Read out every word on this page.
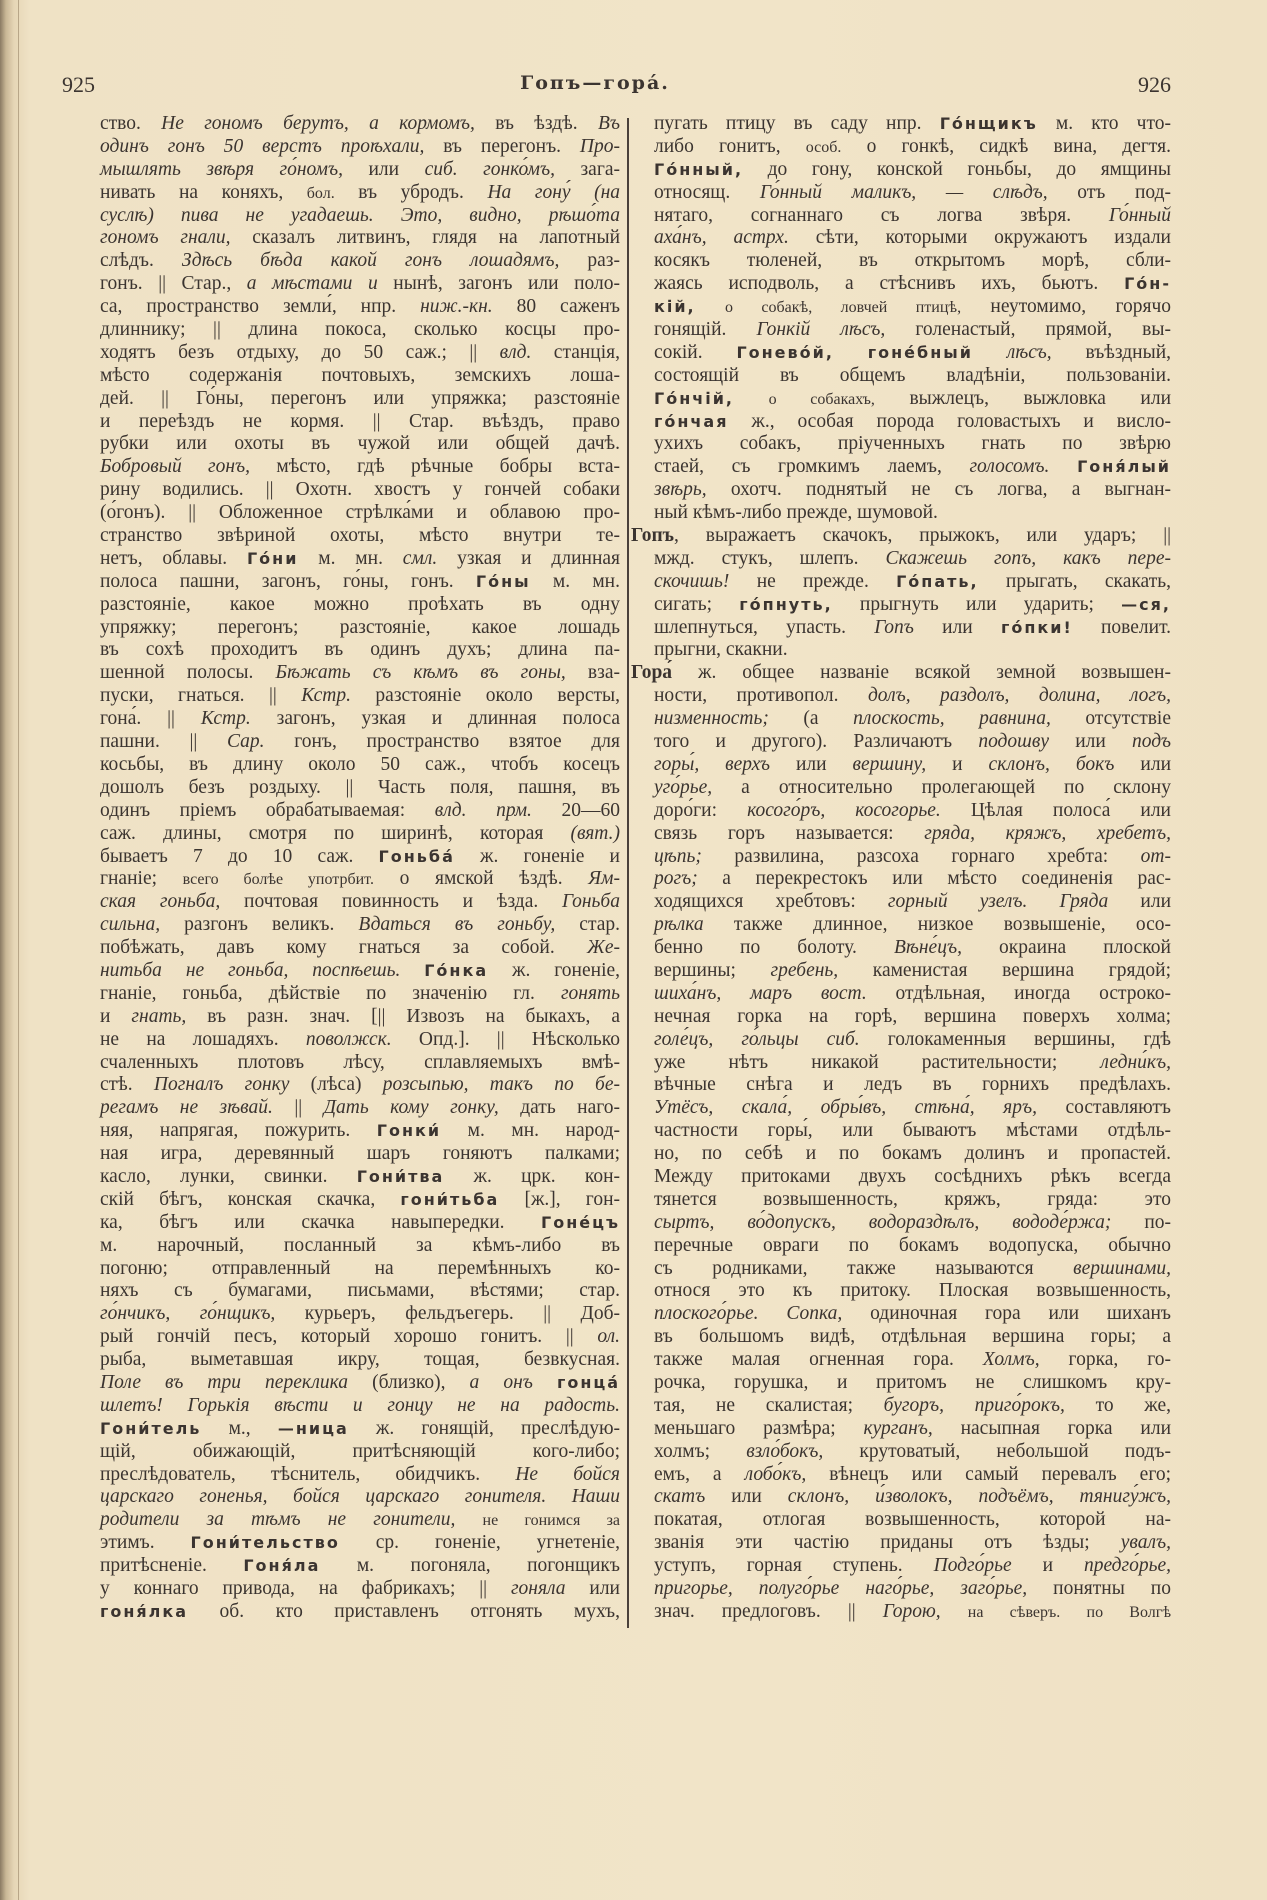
925	Гопъ—гора́.	926
ство. Не гономъ берутъ, а кормомъ, въ ѣздѣ. Въ
одинъ гонъ 50 верстъ проѣхали, въ перегонъ. Про-
мышлять звѣря го́номъ, или сиб. гонко́мъ, зага-
нивать на коняхъ, бол. въ убродъ. На гону́ (на
суслѣ) пива не угадаешь. Это, видно, рѣшо́та
гономъ гнали, сказалъ литвинъ, глядя на лапотный
слѣдъ. Здѣсь бѣда какой гонъ лошадямъ, раз-
гонъ. || Стар., а мѣстами и нынѣ, загонъ или поло-
са, пространство земли́, нпр. ниж.-кн. 80 саженъ
длиннику; || длина покоса, сколько косцы про-
ходятъ безъ отдыху, до 50 саж.; || влд. станція,
мѣсто содержанія почтовыхъ, земскихъ лоша-
дей. || Го́ны, перегонъ или упряжка; разстояніе
и переѣздъ не кормя. || Стар. въѣздъ, право
рубки или охоты въ чужой или общей дачѣ.
Бобровый гонъ, мѣсто, гдѣ рѣчные бобры вста-
рину водились. || Охотн. хвостъ у гончей собаки
(о́гонъ). || Обложенное стрѣлка́ми и облавою про-
странство звѣриной охоты, мѣсто внутри те-
нетъ, облавы. Го́ни м. мн. смл. узкая и длинная
полоса пашни, загонъ, го́ны, гонъ. Го́ны м. мн.
разстояніе, какое можно проѣхать въ одну
упряжку; перегонъ; разстояніе, какое лошадь
въ сохѣ проходитъ въ одинъ духъ; длина па-
шенной полосы. Бѣжать съ кѣмъ въ гоны, вза-
пуски, гнаться. || Кстр. разстояніе около версты,
гона́. || Кстр. загонъ, узкая и длинная полоса
пашни. || Сар. гонъ, пространство взятое для
косьбы, въ длину около 50 саж., чтобъ косецъ
дошолъ безъ роздыху. || Часть поля, пашня, въ
одинъ пріемъ обрабатываемая: влд. прм. 20—60
саж. длины, смотря по ширинѣ, которая (вят.)
бываетъ 7 до 10 саж. Гоньба́ ж. гоненіе и
гнаніе; всего болѣе употрбит. о ямской ѣздѣ. Ям-
ская гоньба, почтовая повинность и ѣзда. Гоньба
сильна, разгонъ великъ. Вдаться въ гоньбу, стар.
побѣжать, давъ кому гнаться за собой. Же-
нитьба не гоньба, поспѣешь. Го́нка ж. гоненіе,
гнаніе, гоньба, дѣйствіе по значенію гл. гонять
и гнать, въ разн. знач. [|| Извозъ на быкахъ, а
не на лошадяхъ. поволжск. Опд.]. || Нѣсколько
счаленныхъ плотовъ лѣсу, сплавляемыхъ вмѣ-
стѣ. Погналъ гонку (лѣса) розсыпью, такъ по бе-
регамъ не зѣвай. || Дать кому гонку, дать наго-
няя, напрягая, пожурить. Гонки́ м. мн. народ-
ная игра, деревянный шаръ гоняютъ палками;
касло, лунки, свинки. Гони́тва ж. црк. кон-
скій бѣгъ, конская скачка, гони́тьба [ж.], гон-
ка, бѣгъ или скачка навыпередки. Гоне́цъ
м. нарочный, посланный за кѣмъ-либо въ
погоню; отправленный на перемѣнныхъ ко-
няхъ съ бумагами, письмами, вѣстями; стар.
го́нчикъ, го́нщикъ, курьеръ, фельдъегерь. || Доб-
рый гончій песъ, который хорошо гонитъ. || ол.
рыба, выметавшая икру, тощая, безвкусная.
Поле въ три переклика (близко), а онъ гонца́
шлетъ! Горькія вѣсти и гонцу не на радость.
Гони́тель м., —ница ж. гонящій, преслѣдую-
щій, обижающій, притѣсняющій кого-либо;
преслѣдователь, тѣснитель, обидчикъ. Не бойся
царскаго гоненья, бойся царскаго гонителя. Наши
родители за тѣмъ не гонители, не гонимся за
этимъ. Гони́тельство ср. гоненіе, угнетеніе,
притѣсненіе. Гоня́ла м. погоняла, погонщикъ
у коннаго привода, на фабрикахъ; || гоняла или
гоня́лка об. кто приставленъ отгонять мухъ,
пугать птицу въ саду нпр. Го́нщикъ м. кто что-
либо гонитъ, особ. о гонкѣ, сидкѣ вина, дегтя.
Го́нный, до гону, конской гоньбы, до ямщины
относящ. Го́нный маликъ, — слѣдъ, отъ под-
нятаго, согнаннаго съ логва звѣря. Го́нный
аха́нъ, астрх. сѣти, которыми окружаютъ издали
косякъ тюленей, въ открытомъ морѣ, сбли-
жаясь исподволь, а стѣснивъ ихъ, бьютъ. Го́н-
кій, о собакѣ, ловчей птицѣ, неутомимо, горячо
гонящій. Гонкій лѣсъ, голенастый, прямой, вы-
сокій. Гонево́й, гоне́бный лѣсъ, въѣздный,
состоящій въ общемъ владѣніи, пользованіи.
Го́нчій, о собакахъ, выжлецъ, выжловка или
го́нчая ж., особая порода головастыхъ и вислo-
ухихъ собакъ, пріученныхъ гнать по звѣрю
стаей, съ громкимъ лаемъ, голосомъ. Гоня́лый
звѣрь, охотч. поднятый не съ логва, а выгнан-
ный кѣмъ-либо прежде, шумовой.
Гопъ, выражаетъ скачокъ, прыжокъ, или ударъ; ||
мжд. стукъ, шлепъ. Скажешь гопъ, какъ пере-
скочишь! не прежде. Го́пать, прыгать, скакать,
сигать; го́пнуть, прыгнуть или ударить; —ся,
шлепнуться, упасть. Гопъ или го́пки! повелит.
прыгни, скакни.
Гора́ ж. общее названіе всякой земной возвышен-
ности, противопол. долъ, раздолъ, долина, логъ,
низменность; (а плоскость, равнина, отсутствіе
того и другого). Различаютъ подошву или подъ
горы́, верхъ или вершину, и склонъ, бокъ или
уго́рье, а относительно пролегающей по склону
доро́ги: косого́ръ, косогорье. Цѣлая полоса́ или
связь горъ называется: гряда, кряжъ, хребетъ,
цѣпь; развилина, разсоха горнаго хребта: от-
рогъ; а перекрестокъ или мѣсто соединенія рас-
ходящихся хребтовъ: горный узелъ. Гряда или
рѣлка также длинное, низкое возвышеніе, осо-
бенно по болоту. Вѣне́цъ, окраина плоской
вершины; гребень, каменистая вершина грядой;
шиха́нъ, маръ вост. отдѣльная, иногда остроко-
нечная горка на горѣ, вершина поверхъ холма;
голе́цъ, го́льцы сиб. голокаменныя вершины, гдѣ
уже нѣтъ никакой растительности; ледни́къ,
вѣчные снѣга и ледъ въ горнихъ предѣлахъ.
Утёсъ, скала́, обры́въ, стѣна́, яръ, составляютъ
частности горы́, или бываютъ мѣстами отдѣль-
но, по себѣ и по бокамъ долинъ и пропастей.
Между притоками двухъ сосѣднихъ рѣкъ всегда
тянется возвышенность, кряжъ, гряда: это
сыртъ, во́допускъ, водораздѣлъ, вододе́ржа; по-
перечные овраги по бокамъ водопуска, обычно
съ родниками, также называются вершинами,
относя это къ притоку. Плоская возвышенность,
плоского́рье. Сопка, одиночная гора или шиханъ
въ большомъ видѣ, отдѣльная вершина горы; а
также малая огненная гора. Холмъ, горка, го-
рочка, горушка, и притомъ не слишкомъ кру-
тая, не скалистая; бугоръ, приго́рокъ, то же,
меньшаго размѣра; курганъ, насыпная горка или
холмъ; взло́бокъ, крутоватый, небольшой подъ-
емъ, а лобо́къ, вѣнецъ или самый перевалъ его;
скатъ или склонъ, и́зволокъ, подъёмъ, тянигу́жъ,
покатая, отлогая возвышенность, которой на-
званія эти частію приданы отъ ѣзды; увалъ,
уступъ, горная ступень. Подго́рье и предго́рье,
пригорье, полуго́рье наго́рье, заго́рье, понятны по
знач. предлоговъ. || Горою, на сѣверъ. по Волгѣ
